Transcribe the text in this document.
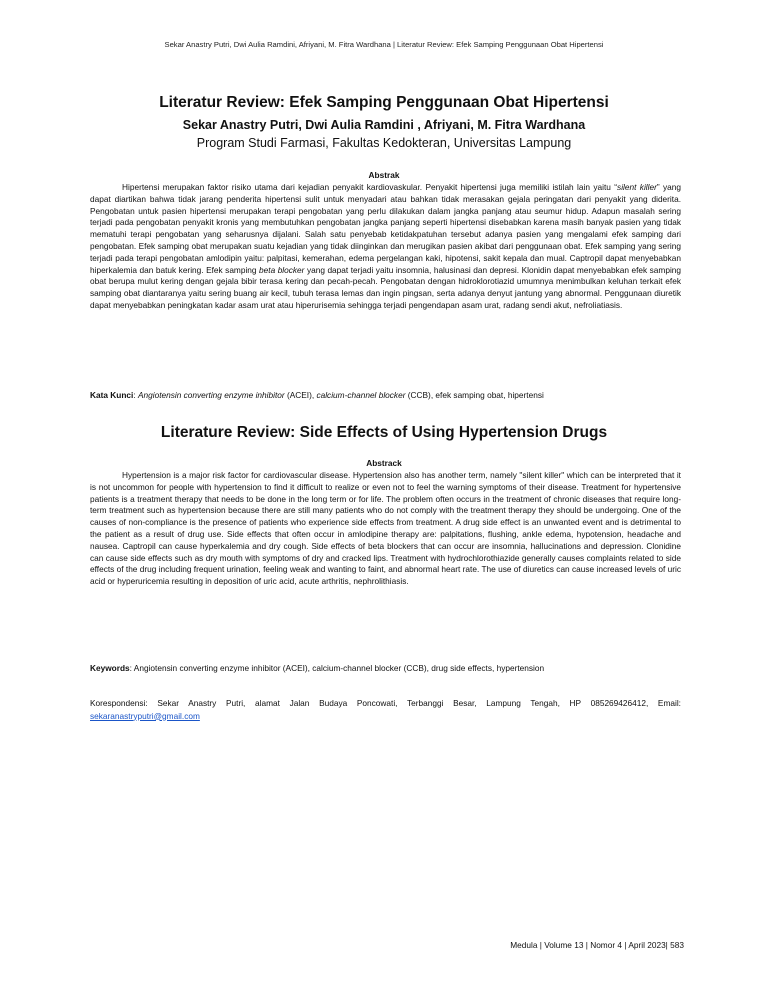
Sekar Anastry Putri, Dwi Aulia Ramdini, Afriyani, M. Fitra Wardhana | Literatur Review: Efek Samping Penggunaan Obat Hipertensi
Literatur Review: Efek Samping Penggunaan Obat Hipertensi
Sekar Anastry Putri, Dwi Aulia Ramdini , Afriyani, M. Fitra Wardhana
Program Studi Farmasi, Fakultas Kedokteran, Universitas Lampung
Abstrak

Hipertensi merupakan faktor risiko utama dari kejadian penyakit kardiovaskular. Penyakit hipertensi juga memiliki istilah lain yaitu “silent killer” yang dapat diartikan bahwa tidak jarang penderita hipertensi sulit untuk menyadari atau bahkan tidak merasakan gejala peringatan dari penyakit yang diderita. Pengobatan untuk pasien hipertensi merupakan terapi pengobatan yang perlu dilakukan dalam jangka panjang atau seumur hidup. Adapun masalah sering terjadi pada pengobatan penyakit kronis yang membutuhkan pengobatan jangka panjang seperti hipertensi disebabkan karena masih banyak pasien yang tidak mematuhi terapi pengobatan yang seharusnya dijalani. Salah satu penyebab ketidakpatuhan tersebut adanya pasien yang mengalami efek samping dari pengobatan. Efek samping obat merupakan suatu kejadian yang tidak diinginkan dan merugikan pasien akibat dari penggunaan obat. Efek samping yang sering terjadi pada terapi pengobatan amlodipin yaitu: palpitasi, kemerahan, edema pergelangan kaki, hipotensi, sakit kepala dan mual. Captropil dapat menyebabkan hiperkalemia dan batuk kering. Efek samping beta blocker yang dapat terjadi yaitu insomnia, halusinasi dan depresi. Klonidin dapat menyebabkan efek samping obat berupa mulut kering dengan gejala bibir terasa kering dan pecah-pecah. Pengobatan dengan hidroklorotiazid umumnya menimbulkan keluhan terkait efek samping obat diantaranya yaitu sering buang air kecil, tubuh terasa lemas dan ingin pingsan, serta adanya denyut jantung yang abnormal. Penggunaan diuretik dapat menyebabkan peningkatan kadar asam urat atau hiperurisemia sehingga terjadi pengendapan asam urat, radang sendi akut, nefroliatiasis.

Kata Kunci: Angiotensin converting enzyme inhibitor (ACEI), calcium-channel blocker (CCB), efek samping obat, hipertensi

Literature Review: Side Effects of Using Hypertension Drugs
Abstrack

Hypertension is a major risk factor for cardiovascular disease. Hypertension also has another term, namely "silent killer" which can be interpreted that it is not uncommon for people with hypertension to find it difficult to realize or even not to feel the warning symptoms of their disease. Treatment for hypertensive patients is a treatment therapy that needs to be done in the long term or for life. The problem often occurs in the treatment of chronic diseases that require long-term treatment such as hypertension because there are still many patients who do not comply with the treatment therapy they should be undergoing. One of the causes of non-compliance is the presence of patients who experience side effects from treatment. A drug side effect is an unwanted event and is detrimental to the patient as a result of drug use. Side effects that often occur in amlodipine therapy are: palpitations, flushing, ankle edema, hypotension, headache and nausea. Captropil can cause hyperkalemia and dry cough. Side effects of beta blockers that can occur are insomnia, hallucinations and depression. Clonidine can cause side effects such as dry mouth with symptoms of dry and cracked lips. Treatment with hydrochlorothiazide generally causes complaints related to side effects of the drug including frequent urination, feeling weak and wanting to faint, and abnormal heart rate. The use of diuretics can cause increased levels of uric acid or hyperuricemia resulting in deposition of uric acid, acute arthritis, nephrolithiasis.

Keywords: Angiotensin converting enzyme inhibitor (ACEI), calcium-channel blocker (CCB), drug side effects, hypertension

Korespondensi: Sekar Anastry Putri, alamat Jalan Budaya Poncowati, Terbanggi Besar, Lampung Tengah, HP 085269426412, Email: sekaranastryputri@gmail.com

Medula | Volume 13 | Nomor 4 | April 2023| 583
